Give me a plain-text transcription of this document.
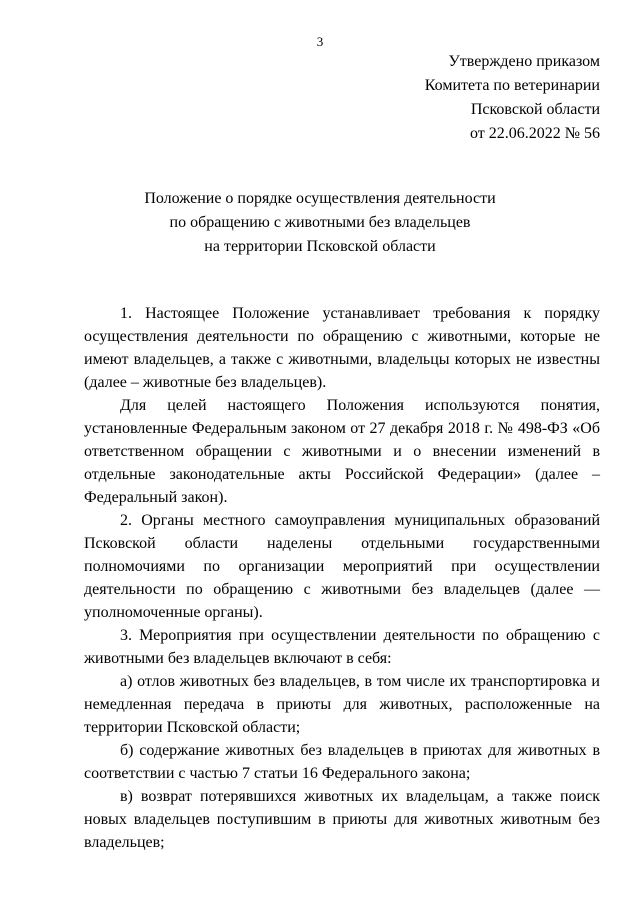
3
Утверждено приказом
Комитета по ветеринарии
Псковской области
от 22.06.2022 № 56
Положение о порядке осуществления деятельности
по обращению с животными без владельцев
на территории Псковской области

1. Настоящее Положение устанавливает требования к порядку осуществления деятельности по обращению с животными, которые не имеют владельцев, а также с животными, владельцы которых не известны (далее – животные без владельцев).

Для целей настоящего Положения используются понятия, установленные Федеральным законом от 27 декабря 2018 г. № 498-ФЗ «Об ответственном обращении с животными и о внесении изменений в отдельные законодательные акты Российской Федерации» (далее – Федеральный закон).

2. Органы местного самоуправления муниципальных образований Псковской области наделены отдельными государственными полномочиями по организации мероприятий при осуществлении деятельности по обращению с животными без владельцев (далее — уполномоченные органы).

3. Мероприятия при осуществлении деятельности по обращению с животными без владельцев включают в себя:

а) отлов животных без владельцев, в том числе их транспортировка и немедленная передача в приюты для животных, расположенные на территории Псковской области;

б) содержание животных без владельцев в приютах для животных в соответствии с частью 7 статьи 16 Федерального закона;

в) возврат потерявшихся животных их владельцам, а также поиск новых владельцев поступившим в приюты для животных животным без владельцев;
